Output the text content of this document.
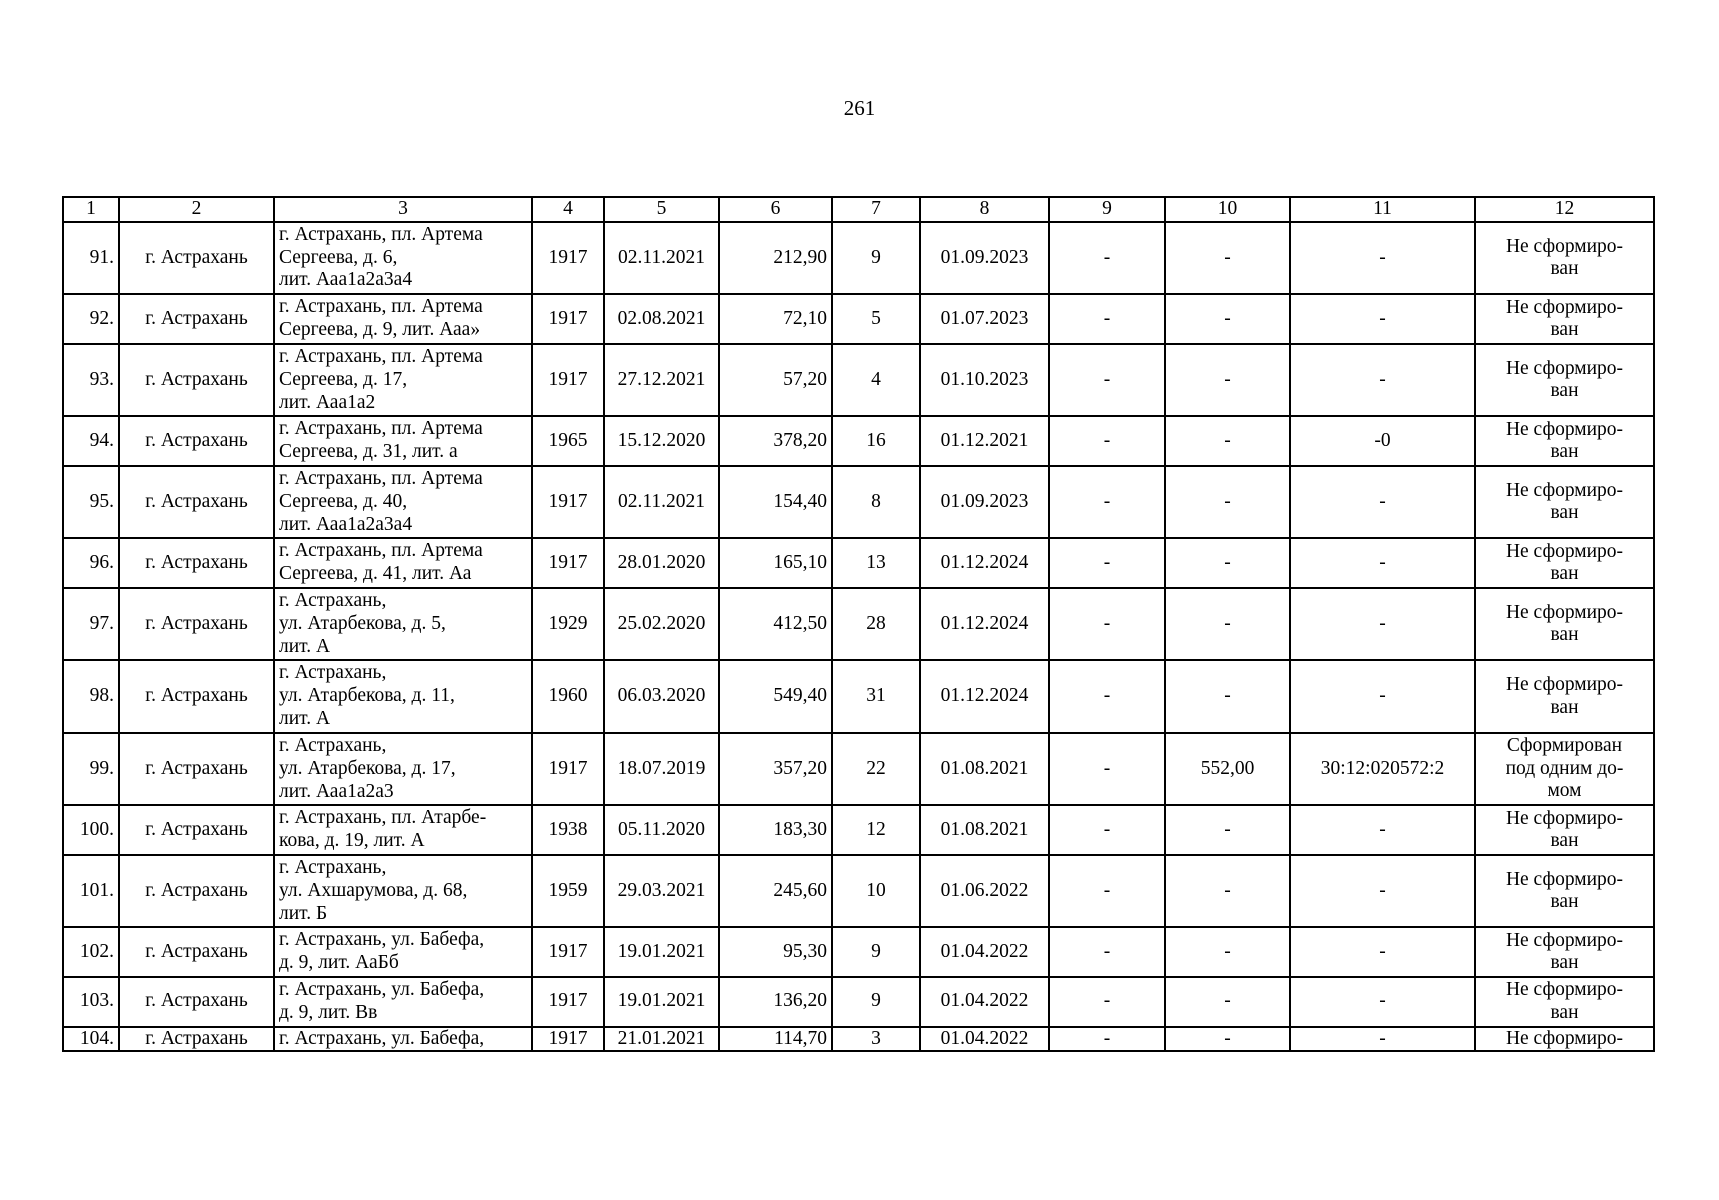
261
1	2	3	4	5	6	7	8	9	10	11	12
91.	г. Астрахань	г. Астрахань, пл. Артема
Сергеева, д. 6,
лит. Ааа1а2а3а4	1917	02.11.2021	212,90	9	01.09.2023	-	-	-	Не сформиро-
ван
92.	г. Астрахань	г. Астрахань, пл. Артема
Сергеева, д. 9, лит. Ааа»	1917	02.08.2021	72,10	5	01.07.2023	-	-	-	Не сформиро-
ван
93.	г. Астрахань	г. Астрахань, пл. Артема
Сергеева, д. 17,
лит. Ааа1а2	1917	27.12.2021	57,20	4	01.10.2023	-	-	-	Не сформиро-
ван
94.	г. Астрахань	г. Астрахань, пл. Артема
Сергеева, д. 31, лит. а	1965	15.12.2020	378,20	16	01.12.2021	-	-	-0	Не сформиро-
ван
95.	г. Астрахань	г. Астрахань, пл. Артема
Сергеева, д. 40,
лит. Ааа1а2а3а4	1917	02.11.2021	154,40	8	01.09.2023	-	-	-	Не сформиро-
ван
96.	г. Астрахань	г. Астрахань, пл. Артема
Сергеева, д. 41, лит. Аа	1917	28.01.2020	165,10	13	01.12.2024	-	-	-	Не сформиро-
ван
97.	г. Астрахань	г. Астрахань,
ул. Атарбекова, д. 5,
лит. А	1929	25.02.2020	412,50	28	01.12.2024	-	-	-	Не сформиро-
ван
98.	г. Астрахань	г. Астрахань,
ул. Атарбекова, д. 11,
лит. А	1960	06.03.2020	549,40	31	01.12.2024	-	-	-	Не сформиро-
ван
99.	г. Астрахань	г. Астрахань,
ул. Атарбекова, д. 17,
лит. Ааа1а2а3	1917	18.07.2019	357,20	22	01.08.2021	-	552,00	30:12:020572:2	Сформирован
под одним до-
мом
100.	г. Астрахань	г. Астрахань, пл. Атарбе-
кова, д. 19, лит. А	1938	05.11.2020	183,30	12	01.08.2021	-	-	-	Не сформиро-
ван
101.	г. Астрахань	г. Астрахань,
ул. Ахшарумова, д. 68,
лит. Б	1959	29.03.2021	245,60	10	01.06.2022	-	-	-	Не сформиро-
ван
102.	г. Астрахань	г. Астрахань, ул. Бабефа,
д. 9, лит. АаБб	1917	19.01.2021	95,30	9	01.04.2022	-	-	-	Не сформиро-
ван
103.	г. Астрахань	г. Астрахань, ул. Бабефа,
д. 9, лит. Вв	1917	19.01.2021	136,20	9	01.04.2022	-	-	-	Не сформиро-
ван
104.	г. Астрахань	г. Астрахань, ул. Бабефа,	1917	21.01.2021	114,70	3	01.04.2022	-	-	-	Не сформиро-
